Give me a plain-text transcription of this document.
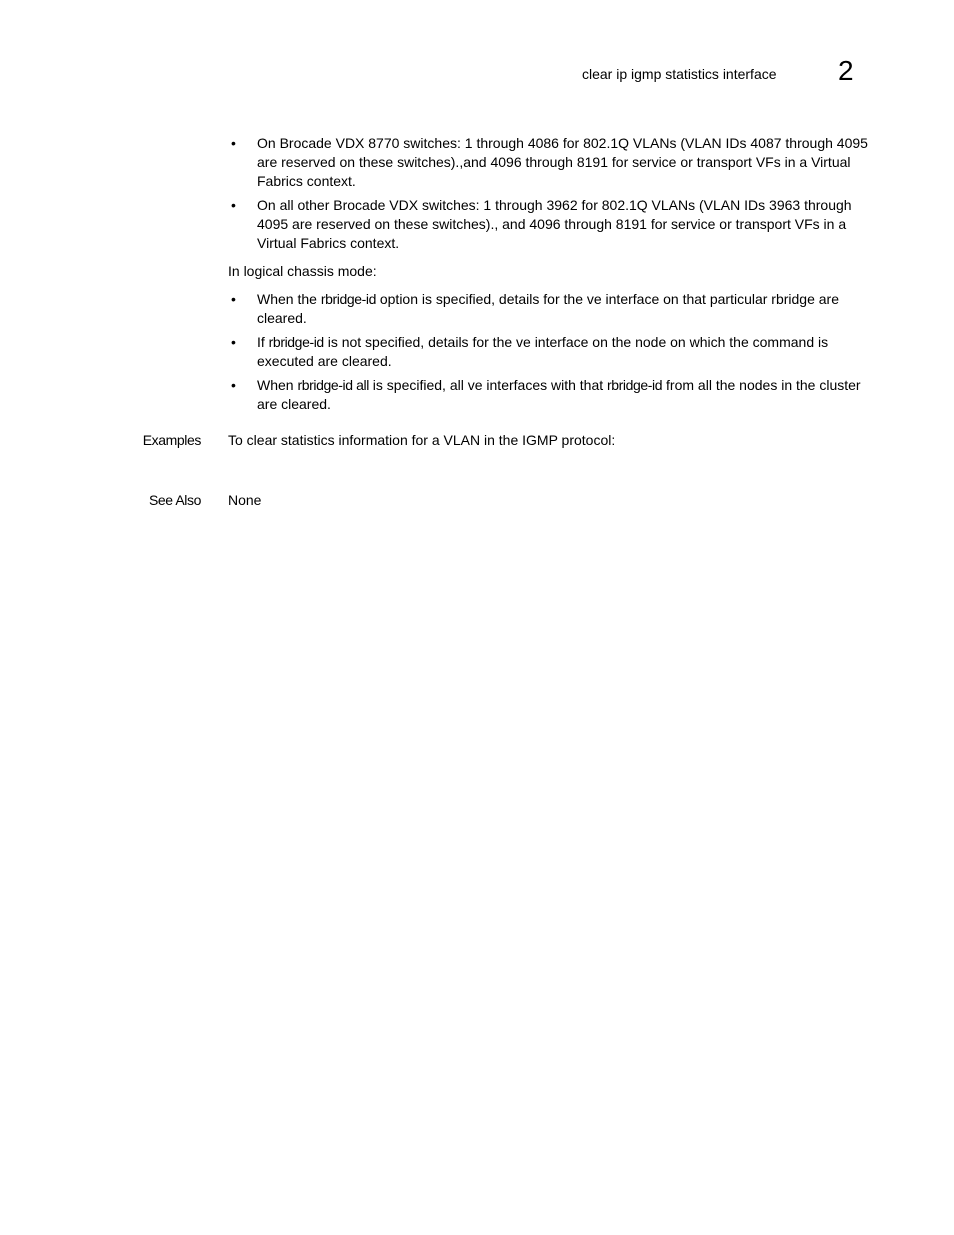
clear ip igmp statistics interface 2
• On Brocade VDX 8770 switches: 1 through 4086 for 802.1Q VLANs (VLAN IDs 4087 through 4095 are reserved on these switches).,and 4096 through 8191 for service or transport VFs in a Virtual Fabrics context.
• On all other Brocade VDX switches: 1 through 3962 for 802.1Q VLANs (VLAN IDs 3963 through 4095 are reserved on these switches)., and 4096 through 8191 for service or transport VFs in a Virtual Fabrics context.
In logical chassis mode:
• When the rbridge-id option is specified, details for the ve interface on that particular rbridge are cleared.
• If rbridge-id is not specified, details for the ve interface on the node on which the command is executed are cleared.
• When rbridge-id all is specified, all ve interfaces with that rbridge-id from all the nodes in the cluster are cleared.
Examples To clear statistics information for a VLAN in the IGMP protocol:
See Also None
